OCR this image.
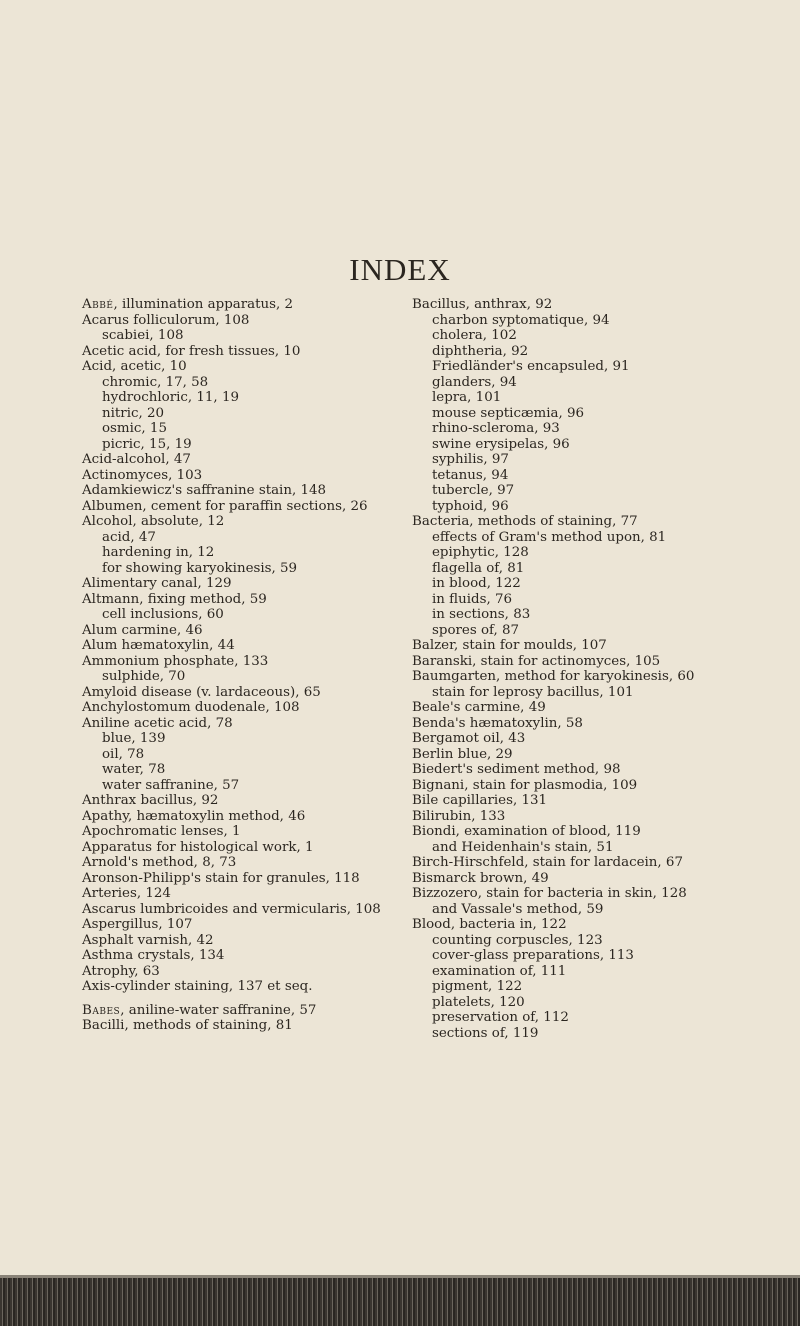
INDEX
Abbé, illumination apparatus, 2
Acarus folliculorum, 108
scabiei, 108
Acetic acid, for fresh tissues, 10
Acid, acetic, 10
chromic, 17, 58
hydrochloric, 11, 19
nitric, 20
osmic, 15
picric, 15, 19
Acid-alcohol, 47
Actinomyces, 103
Adamkiewicz's saffranine stain, 148
Albumen, cement for paraffin sections, 26
Alcohol, absolute, 12
acid, 47
hardening in, 12
for showing karyokinesis, 59
Alimentary canal, 129
Altmann, fixing method, 59
cell inclusions, 60
Alum carmine, 46
Alum hæmatoxylin, 44
Ammonium phosphate, 133
sulphide, 70
Amyloid disease (v. lardaceous), 65
Anchylostomum duodenale, 108
Aniline acetic acid, 78
blue, 139
oil, 78
water, 78
water saffranine, 57
Anthrax bacillus, 92
Apathy, hæmatoxylin method, 46
Apochromatic lenses, 1
Apparatus for histological work, 1
Arnold's method, 8, 73
Aronson-Philipp's stain for granules, 118
Arteries, 124
Ascarus lumbricoides and vermicularis, 108
Aspergillus, 107
Asphalt varnish, 42
Asthma crystals, 134
Atrophy, 63
Axis-cylinder staining, 137 et seq.
Babes, aniline-water saffranine, 57
Bacilli, methods of staining, 81
Bacillus, anthrax, 92
charbon syptomatique, 94
cholera, 102
diphtheria, 92
Friedländer's encapsuled, 91
glanders, 94
lepra, 101
mouse septicæmia, 96
rhino-scleroma, 93
swine erysipelas, 96
syphilis, 97
tetanus, 94
tubercle, 97
typhoid, 96
Bacteria, methods of staining, 77
effects of Gram's method upon, 81
epiphytic, 128
flagella of, 81
in blood, 122
in fluids, 76
in sections, 83
spores of, 87
Balzer, stain for moulds, 107
Baranski, stain for actinomyces, 105
Baumgarten, method for karyokinesis, 60
stain for leprosy bacillus, 101
Beale's carmine, 49
Benda's hæmatoxylin, 58
Bergamot oil, 43
Berlin blue, 29
Biedert's sediment method, 98
Bignani, stain for plasmodia, 109
Bile capillaries, 131
Bilirubin, 133
Biondi, examination of blood, 119
and Heidenhain's stain, 51
Birch-Hirschfeld, stain for lardacein, 67
Bismarck brown, 49
Bizzozero, stain for bacteria in skin, 128
and Vassale's method, 59
Blood, bacteria in, 122
counting corpuscles, 123
cover-glass preparations, 113
examination of, 111
pigment, 122
platelets, 120
preservation of, 112
sections of, 119
